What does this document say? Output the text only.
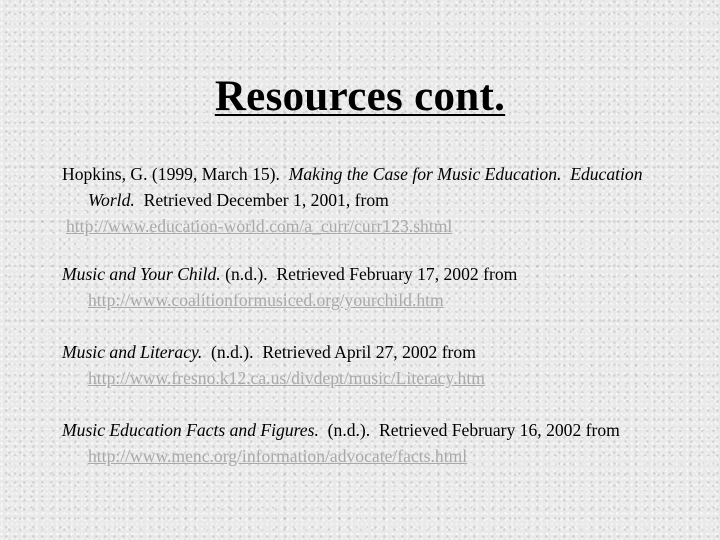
Resources cont.
Hopkins, G. (1999, March 15). Making the Case for Music Education. Education
World. Retrieved December 1, 2001, from
http://www.education-world.com/a_curr/curr123.shtml
Music and Your Child. (n.d.). Retrieved February 17, 2002 from
http://www.coalitionformusiced.org/yourchild.htm
Music and Literacy. (n.d.). Retrieved April 27, 2002 from
http://www.fresno.k12.ca.us/divdept/music/Literacy.htm
Music Education Facts and Figures. (n.d.). Retrieved February 16, 2002 from
http://www.menc.org/information/advocate/facts.html
